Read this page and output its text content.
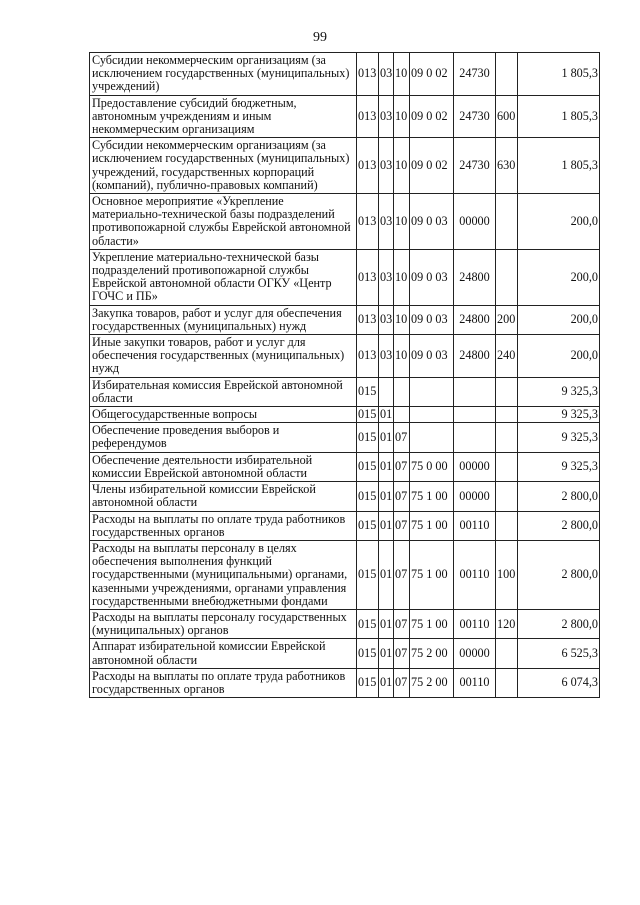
99
Субсидии некоммерческим организациям (за исключением государственных (муниципальных) учреждений)	013	03	10	09 0 02	24730		1 805,3
Предоставление субсидий бюджетным, автономным учреждениям и иным некоммерческим организациям	013	03	10	09 0 02	24730	600	1 805,3
Субсидии некоммерческим организациям (за исключением государственных (муниципальных) учреждений, государственных корпораций (компаний), публично-правовых компаний)	013	03	10	09 0 02	24730	630	1 805,3
Основное мероприятие «Укрепление материально-технической базы подразделений противопожарной службы Еврейской автономной области»	013	03	10	09 0 03	00000		200,0
Укрепление материально-технической базы подразделений противопожарной службы Еврейской автономной области ОГКУ «Центр ГОЧС и ПБ»	013	03	10	09 0 03	24800		200,0
Закупка товаров, работ и услуг для обеспечения государственных (муниципальных) нужд	013	03	10	09 0 03	24800	200	200,0
Иные закупки товаров, работ и услуг для обеспечения государственных (муниципальных) нужд	013	03	10	09 0 03	24800	240	200,0
Избирательная комиссия Еврейской автономной области	015						9 325,3
Общегосударственные вопросы	015	01					9 325,3
Обеспечение проведения выборов и референдумов	015	01	07				9 325,3
Обеспечение деятельности избирательной комиссии Еврейской автономной области	015	01	07	75 0 00	00000		9 325,3
Члены избирательной комиссии Еврейской автономной области	015	01	07	75 1 00	00000		2 800,0
Расходы на выплаты по оплате труда работников государственных органов	015	01	07	75 1 00	00110		2 800,0
Расходы на выплаты персоналу в целях обеспечения выполнения функций государственными (муниципальными) органами, казенными учреждениями, органами управления государственными внебюджетными фондами	015	01	07	75 1 00	00110	100	2 800,0
Расходы на выплаты персоналу государственных (муниципальных) органов	015	01	07	75 1 00	00110	120	2 800,0
Аппарат избирательной комиссии Еврейской автономной области	015	01	07	75 2 00	00000		6 525,3
Расходы на выплаты по оплате труда работников государственных органов	015	01	07	75 2 00	00110		6 074,3
